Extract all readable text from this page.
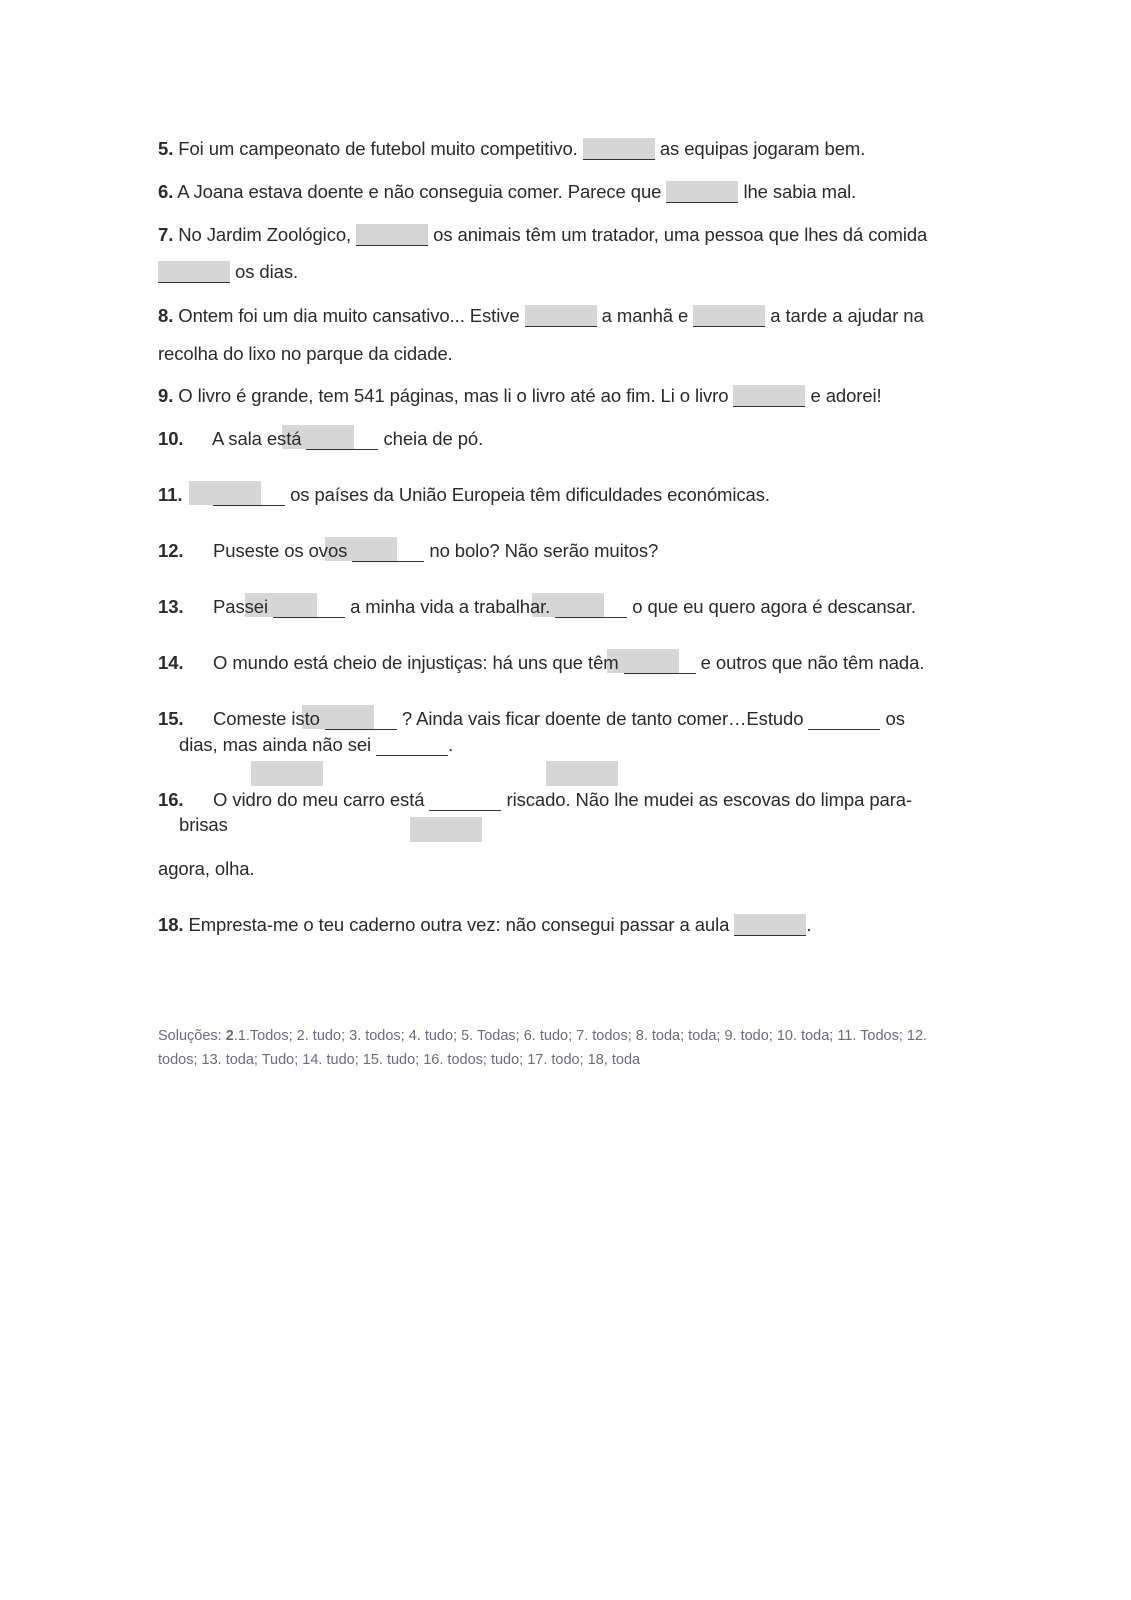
5. Foi um campeonato de futebol muito competitivo.	as equipas jogaram bem.
6. A Joana estava doente e não conseguia comer. Parece que	lhe sabia mal.
7. No Jardim Zoológico,	os animais têm um tratador, uma pessoa que lhes dá comida
os dias.
8. Ontem foi um dia muito cansativo... Estive	a manhã e	a tarde a ajudar na
recolha do lixo no parque da cidade.
9. O livro é grande, tem 541 páginas, mas li o livro até ao fim. Li o livro	e adorei!
10. A sala está	cheia de pó.
11.	os países da União Europeia têm dificuldades económicas.
12. Puseste os ovos	no bolo? Não serão muitos?
13. Passei	a minha vida a trabalhar.	o que eu quero agora é descansar.
14. O mundo está cheio de injustiças: há uns que têm	e outros que não têm nada.
15. Comeste isto	? Ainda vais ficar doente de tanto comer…Estudo	os
dias, mas ainda não sei	.
16. O vidro do meu carro está	riscado. Não lhe mudei as escovas do limpa para-
brisas
agora, olha.
18. Empresta-me o teu caderno outra vez: não consegui passar a aula	.
Soluções: 2.1.Todos; 2. tudo; 3. todos; 4. tudo; 5. Todas; 6. tudo; 7. todos; 8. toda; toda; 9. todo; 10. toda; 11. Todos; 12. todos; 13. toda; Tudo; 14. tudo; 15. tudo; 16. todos; tudo; 17. todo; 18, toda
